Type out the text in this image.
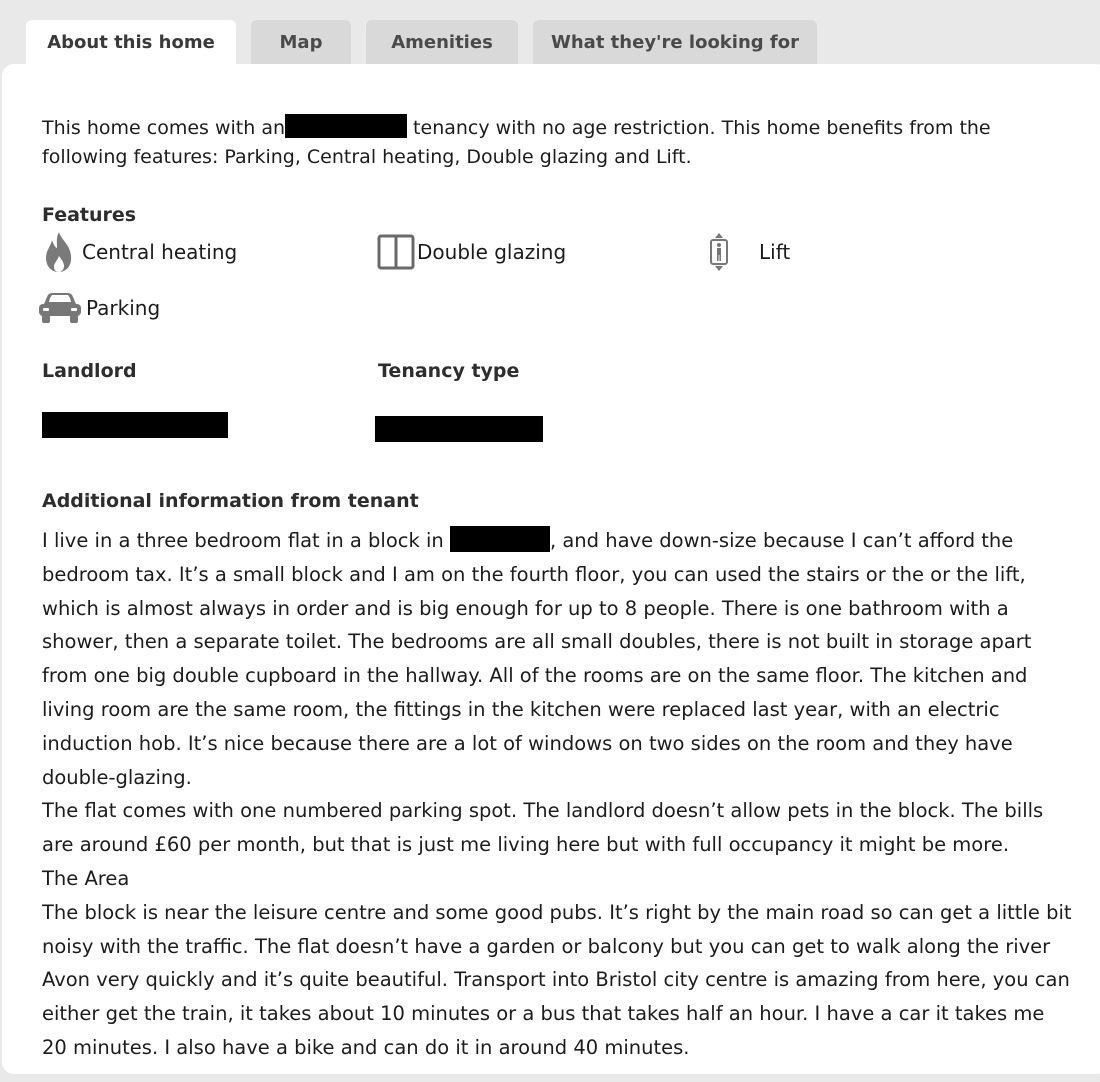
About this home	Map	Amenities	What they're looking for

This home comes with an	tenancy with no age restriction. This home benefits from the following features: Parking, Central heating, Double glazing and Lift.

Features
Central heating	Double glazing	Lift
Parking
Landlord	Tenancy type
Additional information from tenant

I live in a three bedroom flat in a block in	, and have down-size because I can’t afford the bedroom tax. It’s a small block and I am on the fourth floor, you can used the stairs or the or the lift, which is almost always in order and is big enough for up to 8 people. There is one bathroom with a shower, then a separate toilet. The bedrooms are all small doubles, there is not built in storage apart from one big double cupboard in the hallway. All of the rooms are on the same floor. The kitchen and living room are the same room, the fittings in the kitchen were replaced last year, with an electric induction hob. It’s nice because there are a lot of windows on two sides on the room and they have double-glazing.

The flat comes with one numbered parking spot. The landlord doesn’t allow pets in the block. The bills are around £60 per month, but that is just me living here but with full occupancy it might be more.

The Area

The block is near the leisure centre and some good pubs. It’s right by the main road so can get a little bit noisy with the traffic. The flat doesn’t have a garden or balcony but you can get to walk along the river Avon very quickly and it’s quite beautiful. Transport into Bristol city centre is amazing from here, you can either get the train, it takes about 10 minutes or a bus that takes half an hour. I have a car it takes me 20 minutes. I also have a bike and can do it in around 40 minutes.
